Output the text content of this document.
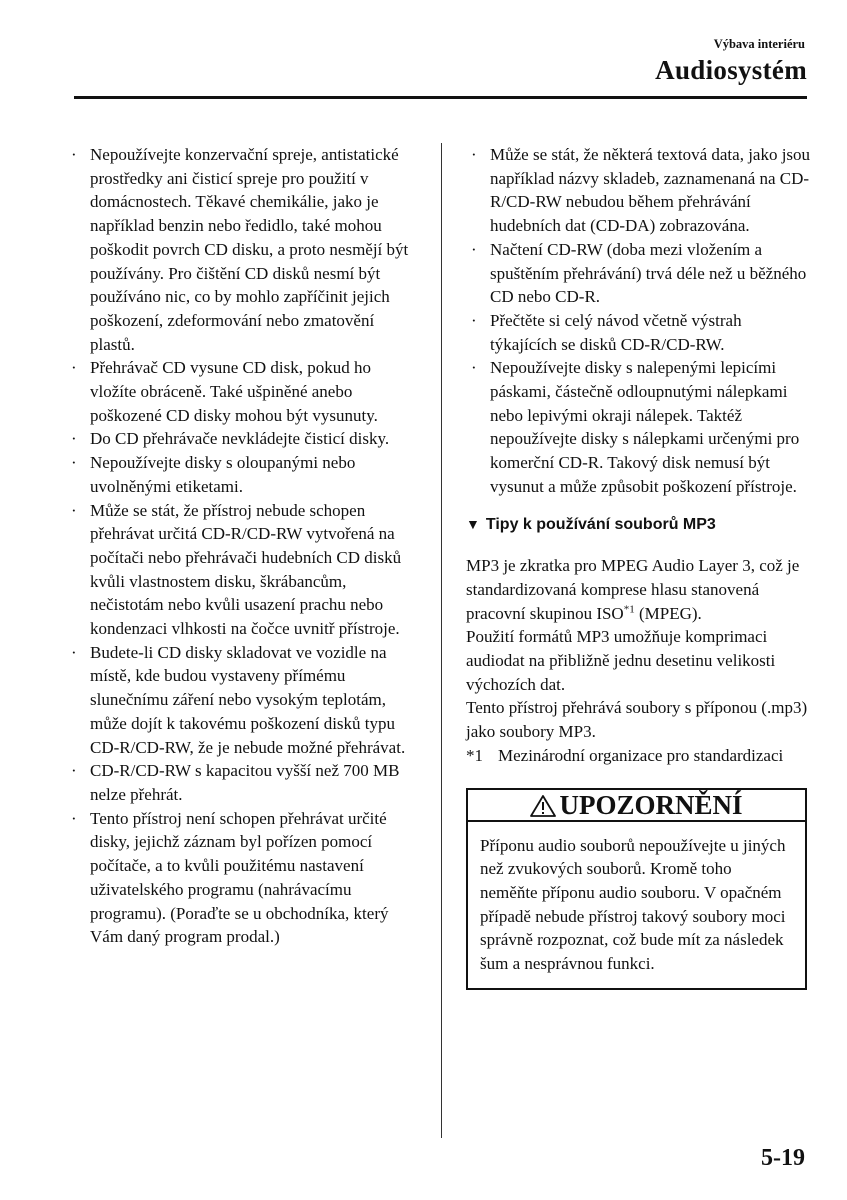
Výbava interiéru
Audiosystém
· Nepoužívejte konzervační spreje, antistatické prostředky ani čisticí spreje pro použití v domácnostech. Těkavé chemikálie, jako je například benzin nebo ředidlo, také mohou poškodit povrch CD disku, a proto nesmějí být používány. Pro čištění CD disků nesmí být používáno nic, co by mohlo zapříčinit jejich poškození, zdeformování nebo zmatovění plastů.
· Přehrávač CD vysune CD disk, pokud ho vložíte obráceně. Také ušpiněné anebo poškozené CD disky mohou být vysunuty.
· Do CD přehrávače nevkládejte čisticí disky.
· Nepoužívejte disky s oloupanými nebo uvolněnými etiketami.
· Může se stát, že přístroj nebude schopen přehrávat určitá CD-R/CD-RW vytvořená na počítači nebo přehrávači hudebních CD disků kvůli vlastnostem disku, škrábancům, nečistotám nebo kvůli usazení prachu nebo kondenzaci vlhkosti na čočce uvnitř přístroje.
· Budete-li CD disky skladovat ve vozidle na místě, kde budou vystaveny přímému slunečnímu záření nebo vysokým teplotám, může dojít k takovému poškození disků typu CD-R/CD-RW, že je nebude možné přehrávat.
· CD-R/CD-RW s kapacitou vyšší než 700 MB nelze přehrát.
· Tento přístroj není schopen přehrávat určité disky, jejichž záznam byl pořízen pomocí počítače, a to kvůli použitému nastavení uživatelského programu (nahrávacímu programu). (Poraďte se u obchodníka, který Vám daný program prodal.)
· Může se stát, že některá textová data, jako jsou například názvy skladeb, zaznamenaná na CD-R/CD-RW nebudou během přehrávání hudebních dat (CD-DA) zobrazována.
· Načtení CD-RW (doba mezi vložením a spuštěním přehrávání) trvá déle než u běžného CD nebo CD-R.
· Přečtěte si celý návod včetně výstrah týkajících se disků CD-R/CD-RW.
· Nepoužívejte disky s nalepenými lepicími páskami, částečně odloupnutými nálepkami nebo lepivými okraji nálepek. Taktéž nepoužívejte disky s nálepkami určenými pro komerční CD-R. Takový disk nemusí být vysunut a může způsobit poškození přístroje.
▼ Tipy k používání souborů MP3

MP3 je zkratka pro MPEG Audio Layer 3, což je standardizovaná komprese hlasu stanovená pracovní skupinou ISO$^{*1}$ (MPEG).

Použití formátů MP3 umožňuje komprimaci audiodat na přibližně jednu desetinu velikosti výchozích dat.

Tento přístroj přehrává soubory s příponou (.mp3) jako soubory MP3.

*1 Mezinárodní organizace pro standardizaci
UPOZORNĚNÍ
Příponu audio souborů nepoužívejte u jiných než zvukových souborů. Kromě toho neměňte příponu audio souboru. V opačném případě nebude přístroj takový soubory moci správně rozpoznat, což bude mít za následek šum a nesprávnou funkci.
5-19
